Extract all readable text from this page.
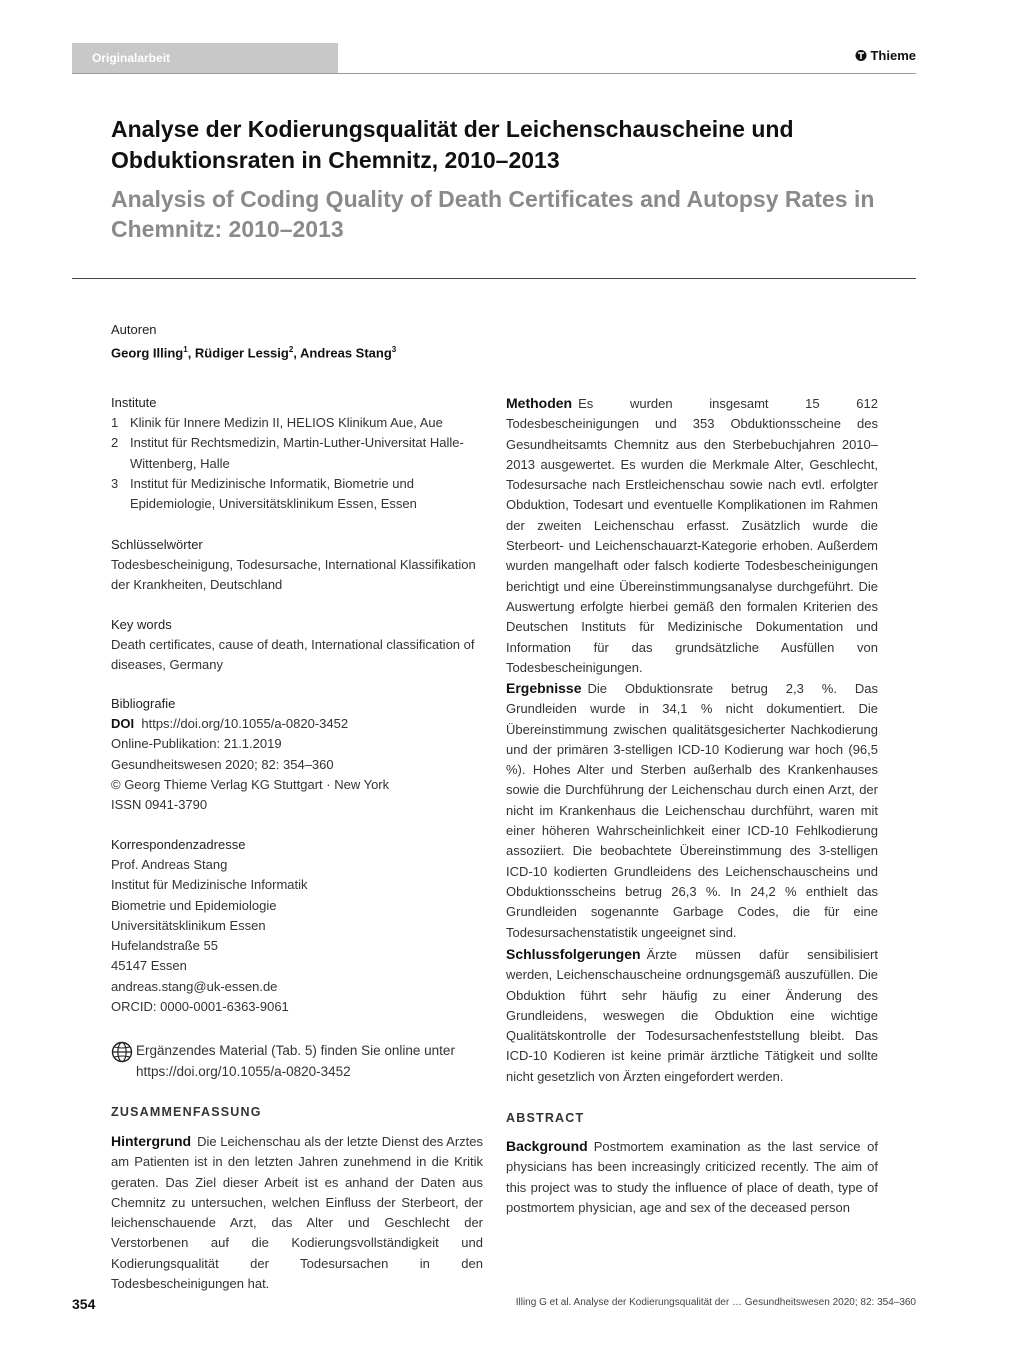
Originalarbeit	Thieme
Analyse der Kodierungsqualität der Leichenschauscheine und Obduktionsraten in Chemnitz, 2010–2013
Analysis of Coding Quality of Death Certificates and Autopsy Rates in Chemnitz: 2010–2013
Autoren
Georg Illing$^1$, Rüdiger Lessig$^2$, Andreas Stang$^3$
Institute
1 Klinik für Innere Medizin II, HELIOS Klinikum Aue, Aue
2 Institut für Rechtsmedizin, Martin-Luther-Universitat Halle-Wittenberg, Halle
3 Institut für Medizinische Informatik, Biometrie und Epidemiologie, Universitätsklinikum Essen, Essen
Schlüsselwörter
Todesbescheinigung, Todesursache, International Klassifikation der Krankheiten, Deutschland
Key words
Death certificates, cause of death, International classification of diseases, Germany
Bibliografie
DOI https://doi.org/10.1055/a-0820-3452
Online-Publikation: 21.1.2019
Gesundheitswesen 2020; 82: 354–360
© Georg Thieme Verlag KG Stuttgart · New York
ISSN 0941-3790
Korrespondenzadresse
Prof. Andreas Stang
Institut für Medizinische Informatik
Biometrie und Epidemiologie
Universitätsklinikum Essen
Hufelandstraße 55
45147 Essen
andreas.stang@uk-essen.de
ORCID: 0000-0001-6363-9061
Ergänzendes Material (Tab. 5) finden Sie online unter https://doi.org/10.1055/a-0820-3452
ZUSAMMENFASSUNG
Hintergrund Die Leichenschau als der letzte Dienst des Arztes am Patienten ist in den letzten Jahren zunehmend in die Kritik geraten. Das Ziel dieser Arbeit ist es anhand der Daten aus Chemnitz zu untersuchen, welchen Einfluss der Sterbeort, der leichenschauende Arzt, das Alter und Geschlecht der Verstorbenen auf die Kodierungsvollständigkeit und Kodierungsqualität der Todesursachen in den Todesbescheinigungen hat.
Methoden Es wurden insgesamt 15 612 Todesbescheinigungen und 353 Obduktionsscheine des Gesundheitsamts Chemnitz aus den Sterbebuchjahren 2010–2013 ausgewertet. Es wurden die Merkmale Alter, Geschlecht, Todesursache nach Erstleichenschau sowie nach evtl. erfolgter Obduktion, Todesart und eventuelle Komplikationen im Rahmen der zweiten Leichenschau erfasst. Zusätzlich wurde die Sterbeort- und Leichenschauarzt-Kategorie erhoben. Außerdem wurden mangelhaft oder falsch kodierte Todesbescheinigungen berichtigt und eine Übereinstimmungsanalyse durchgeführt. Die Auswertung erfolgte hierbei gemäß den formalen Kriterien des Deutschen Instituts für Medizinische Dokumentation und Information für das grundsätzliche Ausfüllen von Todesbescheinigungen.
Ergebnisse Die Obduktionsrate betrug 2,3 %. Das Grundleiden wurde in 34,1 % nicht dokumentiert. Die Übereinstimmung zwischen qualitätsgesicherter Nachkodierung und der primären 3-stelligen ICD-10 Kodierung war hoch (96,5 %). Hohes Alter und Sterben außerhalb des Krankenhauses sowie die Durchführung der Leichenschau durch einen Arzt, der nicht im Krankenhaus die Leichenschau durchführt, waren mit einer höheren Wahrscheinlichkeit einer ICD-10 Fehlkodierung assoziiert. Die beobachtete Übereinstimmung des 3-stelligen ICD-10 kodierten Grundleidens des Leichenschauscheins und Obduktionsscheins betrug 26,3 %. In 24,2 % enthielt das Grundleiden sogenannte Garbage Codes, die für eine Todesursachenstatistik ungeeignet sind.
Schlussfolgerungen Ärzte müssen dafür sensibilisiert werden, Leichenschauscheine ordnungsgemäß auszufüllen. Die Obduktion führt sehr häufig zu einer Änderung des Grundleidens, weswegen die Obduktion eine wichtige Qualitätskontrolle der Todesursachenfeststellung bleibt. Das ICD-10 Kodieren ist keine primär ärztliche Tätigkeit und sollte nicht gesetzlich von Ärzten eingefordert werden.
ABSTRACT
Background Postmortem examination as the last service of physicians has been increasingly criticized recently. The aim of this project was to study the influence of place of death, type of postmortem physician, age and sex of the deceased person
354	Illing G et al. Analyse der Kodierungsqualität der … Gesundheitswesen 2020; 82: 354–360
